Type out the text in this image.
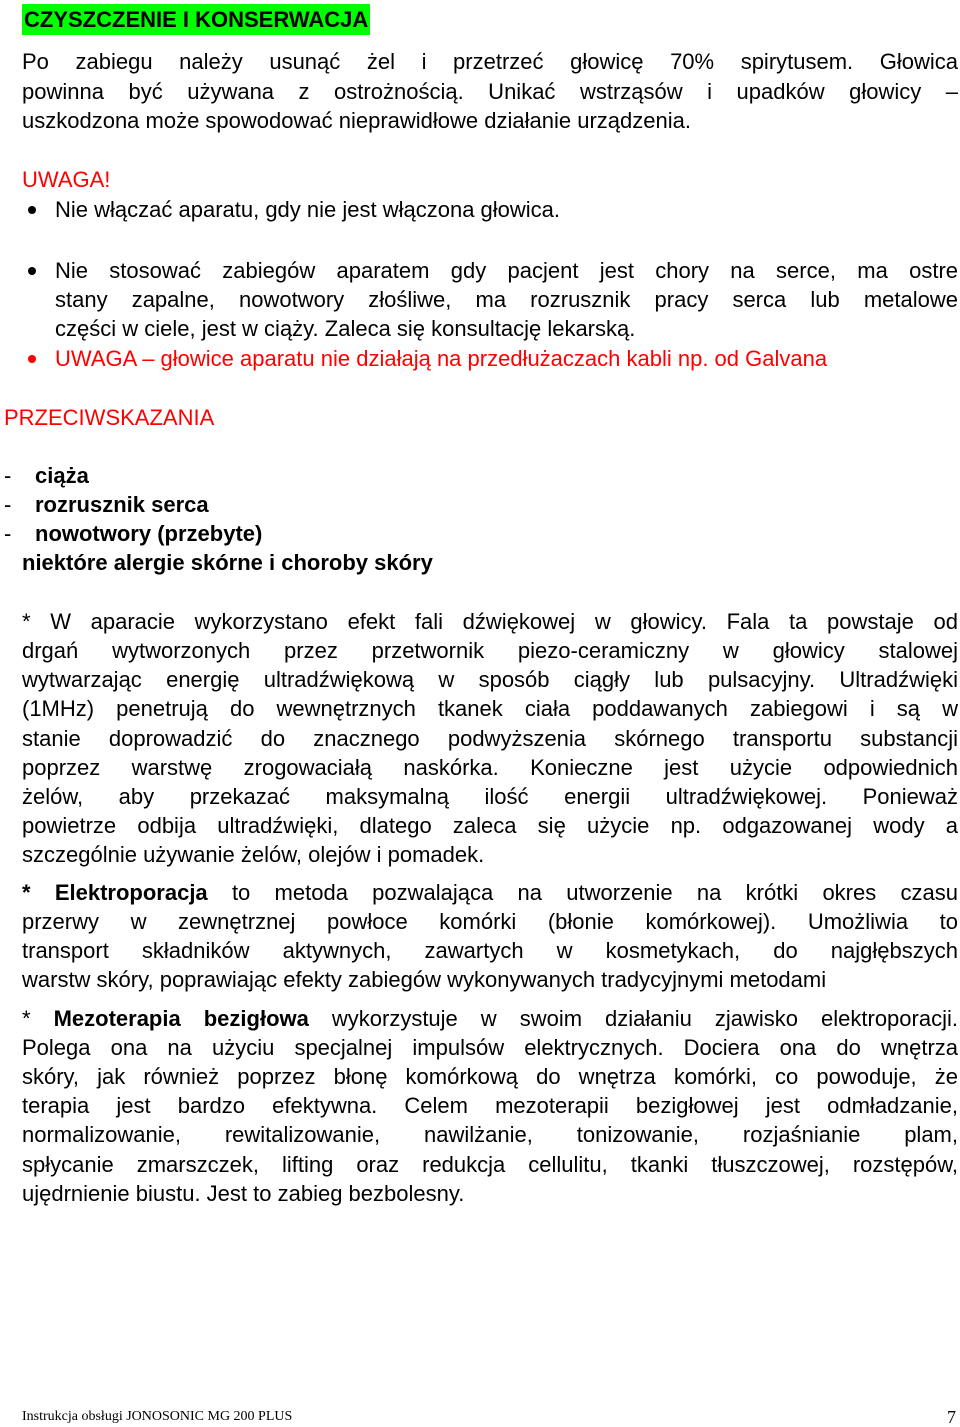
CZYSZCZENIE I KONSERWACJA
Po zabiegu należy usunąć żel i przetrzeć głowicę 70% spirytusem. Głowica
powinna być używana z ostrożnością. Unikać wstrząsów i upadków głowicy –
uszkodzona może spowodować nieprawidłowe działanie urządzenia.
UWAGA!
Nie włączać aparatu, gdy nie jest włączona głowica.
Nie stosować zabiegów aparatem gdy pacjent jest chory na serce, ma ostre
stany zapalne, nowotwory złośliwe, ma rozrusznik pracy serca lub metalowe
części w ciele, jest w ciąży. Zaleca się konsultację lekarską.
UWAGA – głowice aparatu nie działają na przedłużaczach kabli np. od Galvana
PRZECIWSKAZANIA
- ciąża
- rozrusznik serca
- nowotwory (przebyte)
niektóre alergie skórne i choroby skóry
* W aparacie wykorzystano efekt fali dźwiękowej w głowicy. Fala ta powstaje od
drgań wytworzonych przez przetwornik piezo-ceramiczny w głowicy stalowej
wytwarzając energię ultradźwiękową w sposób ciągły lub pulsacyjny. Ultradźwięki
(1MHz) penetrują do wewnętrznych tkanek ciała poddawanych zabiegowi i są w
stanie doprowadzić do znacznego podwyższenia skórnego transportu substancji
poprzez warstwę zrogowaciałą naskórka. Konieczne jest użycie odpowiednich
żelów, aby przekazać maksymalną ilość energii ultradźwiękowej. Ponieważ
powietrze odbija ultradźwięki, dlatego zaleca się użycie np. odgazowanej wody a
szczególnie używanie żelów, olejów i pomadek.
* Elektroporacja to metoda pozwalająca na utworzenie na krótki okres czasu
przerwy w zewnętrznej powłoce komórki (błonie komórkowej). Umożliwia to
transport składników aktywnych, zawartych w kosmetykach, do najgłębszych
warstw skóry, poprawiając efekty zabiegów wykonywanych tradycyjnymi metodami
* Mezoterapia bezigłowa wykorzystuje w swoim działaniu zjawisko elektroporacji.
Polega ona na użyciu specjalnej impulsów elektrycznych. Dociera ona do wnętrza
skóry, jak również poprzez błonę komórkową do wnętrza komórki, co powoduje, że
terapia jest bardzo efektywna. Celem mezoterapii bezigłowej jest odmładzanie,
normalizowanie, rewitalizowanie, nawilżanie, tonizowanie, rozjaśnianie plam,
spłycanie zmarszczek, lifting oraz redukcja cellulitu, tkanki tłuszczowej, rozstępów,
ujędrnienie biustu. Jest to zabieg bezbolesny.
Instrukcja obsługi JONOSONIC MG 200 PLUS	7
